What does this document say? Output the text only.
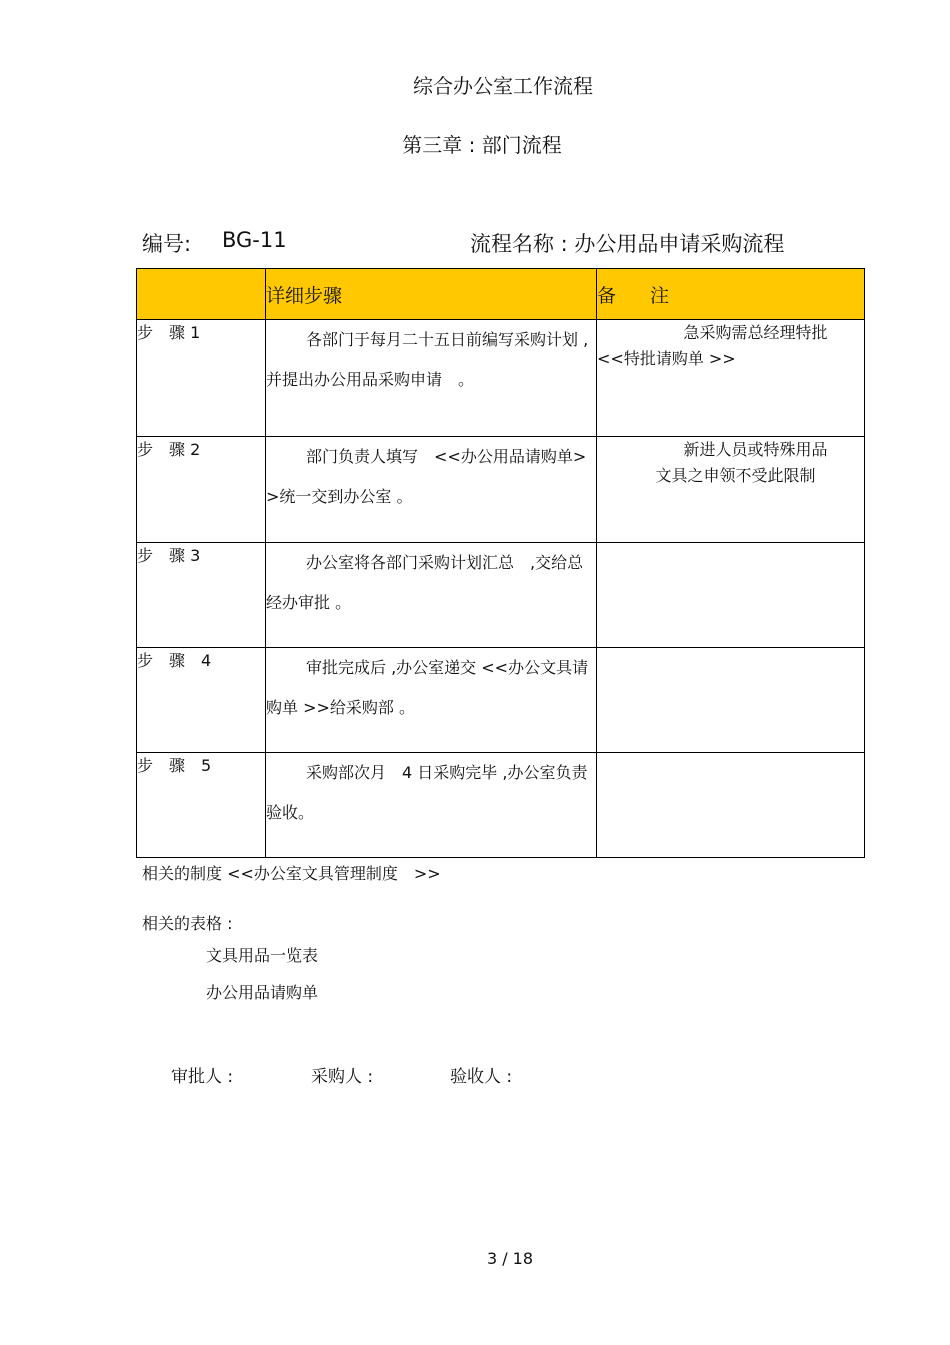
综合办公室工作流程
第三章 : 部门流程
编号: BG-11	流程名称 : 办公用品申请采购流程
	详细步骤	备 注
步　骤 1	各部门于每月二十五日前编写采购计划 ,并提出办公用品采购申请　。	急采购需总经理特批
<<特批请购单 >>

步　骤 2	部门负责人填写　<<办公用品请购单>>统一交到办公室 。	新进人员或特殊用品
文具之申领不受此限制

步　骤 3	办公室将各部门采购计划汇总　,交给总经办审批 。	

步　骤　4	审批完成后 ,办公室递交 <<办公文具请购单 >>给采购部 。	

步　骤　5	采购部次月　4 日采购完毕 ,办公室负责验收。	
相关的制度 <<办公室文具管理制度　>>
相关的表格 :
文具用品一览表
办公用品请购单
审批人 :	采购人 :	验收人 :
3 / 18
